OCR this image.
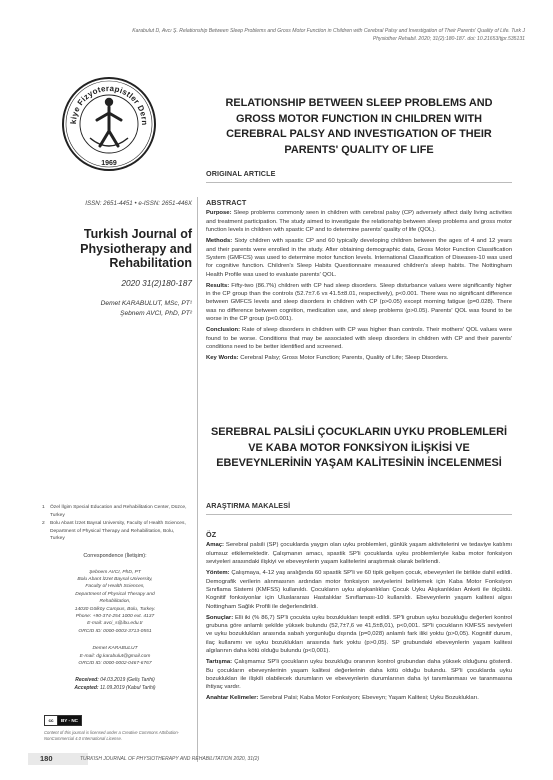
Karabulut D, Avcı Ş. Relationship Between Sleep Problems and Gross Motor Function in Children with Cerebral Palsy and Investigation of Their Parents' Quality of Life. Turk J
Physiother Rehabil. 2020; 31(2):180-187. doi: 10.21653/tjpr.535131
kiye Fizyoterapistler Dern
1969
ISSN: 2651-4451 • e-ISSN: 2651-446X
Turkish Journal of Physiotherapy and Rehabilitation
2020 31(2)180-187
Demet KARABULUT, MSc, PT¹
Şebnem AVCI, PhD, PT²
1 Özel İlgim Special Education and Rehabilitation Center, Düzce, Turkey
2 Bolu Abant İzzet Baysal University, Faculty of Health Sciences, Department of Physical Therapy and Rehabilitation, Bolu, Turkey
Correspondence (İletişim):
Şebnem AVCI, PhD, PT
Bolu Abant İzzet Baysal University,
Faculty of Health Sciences,
Department of Physical Therapy and
Rehabilitation,
14030 Gölköy Campus, Bolu, Turkey.
Phone: +90-374-254 1000 ext. 4137
E-mail: avci_s@ibu.edu.tr
ORCID ID: 0000-0003-3713-0551
Demet KARABULUT
E-mail: dg.karabulut@gmail.com
ORCID ID: 0000-0002-0467-6767
Received: 04.03.2019 (Geliş Tarihi)
Accepted: 11.09.2019 (Kabul Tarihi)
cc	BY - NC
Content of this journal is licensed under a Creative Commons Attribution-NonCommercial 4.0 International License.
RELATIONSHIP BETWEEN SLEEP PROBLEMS AND GROSS MOTOR FUNCTION IN CHILDREN WITH CEREBRAL PALSY AND INVESTIGATION OF THEIR PARENTS' QUALITY OF LIFE
ORIGINAL ARTICLE
ABSTRACT

Purpose: Sleep problems commonly seen in children with cerebral palsy (CP) adversely affect daily living activities and treatment participation. The study aimed to investigate the relationship between sleep problems and gross motor function levels in children with spastic CP and to determine parents' quality of life (QOL).

Methods: Sixty children with spastic CP and 60 typically developing children between the ages of 4 and 12 years and their parents were enrolled in the study. After obtaining demographic data, Gross Motor Function Classification System (GMFCS) was used to determine motor function levels. International Classification of Diseases-10 was used for cognitive function. Children's Sleep Habits Questionnaire measured children's sleep habits. The Nottingham Health Profile was used to evaluate parents' QOL.

Results: Fifty-two (86.7%) children with CP had sleep disorders. Sleep disturbance values were significantly higher in the CP group than the controls (52.7±7.6 vs 41.5±8.01, respectively), p<0.001. There was no significant difference between GMFCS levels and sleep disorders in children with CP (p>0.05) except morning fatigue (p=0.028). There was no difference between cognition, medication use, and sleep problems (p>0.05). Parents' QOL was found to be worse in the CP group (p<0.001).

Conclusion: Rate of sleep disorders in children with CP was higher than controls. Their mothers' QOL values were found to be worse. Conditions that may be associated with sleep disorders in children with CP and their parents' conditions need to be better identified and screened.

Key Words: Cerebral Palsy; Gross Motor Function; Parents, Quality of Life; Sleep Disorders.

SEREBRAL PALSİLİ ÇOCUKLARIN UYKU PROBLEMLERİ VE KABA MOTOR FONKSİYON İLİŞKİSİ VE EBEVEYNLERİNİN YAŞAM KALİTESİNİN İNCELENMESİ
ARAŞTIRMA MAKALESİ
ÖZ

Amaç: Serebral palsili (SP) çocuklarda yaygın olan uyku problemleri, günlük yaşam aktivitelerini ve tedaviye katılımı olumsuz etkilemektedir. Çalışmanın amacı, spastik SP'li çocuklarda uyku problemleriyle kaba motor fonksiyon seviyeleri arasındaki ilişkiyi ve ebeveynlerin yaşam kalitelerini araştırmak olarak belirlendi.

Yöntem: Çalışmaya, 4-12 yaş aralığında 60 spastik SP'li ve 60 tipik gelişen çocuk, ebeveynleri ile birlikte dahil edildi. Demografik verilerin alınmasının ardından motor fonksiyon seviyelerini belirlemek için Kaba Motor Fonksiyon Sınıflama Sistemi (KMFSS) kullanıldı. Çocukların uyku alışkanlıkları Çocuk Uyku Alışkanlıkları Anketi ile ölçüldü. Kognitif fonksiyonlar için Uluslararası Hastalıklar Sınıflaması-10 kullanıldı. Ebeveynlerin yaşam kalitesi algısı Nottingham Sağlık Profili ile değerlendirildi.

Sonuçlar: Elli iki (% 86,7) SP'li çocukta uyku bozuklukları tespit edildi. SP'li grubun uyku bozukluğu değerleri kontrol grubuna göre anlamlı şekilde yüksek bulundu (52,7±7,6 ve 41,5±8,01), p<0,001. SP'li çocukların KMFSS seviyeleri ve uyku bozuklukları arasında sabah yorgunluğu dışında (p=0,028) anlamlı fark iliki yoktu (p>0,05). Kognitif durum, ilaç kullanımı ve uyku bozuklukları arasında fark yoktu (p>0,05). SP grubundaki ebeveynlerin yaşam kalitesi algılarının daha kötü olduğu bulundu (p<0,001).

Tartışma: Çalışmamız SP'li çocukların uyku bozukluğu oranının kontrol grubundan daha yüksek olduğunu gösterdi. Bu çocukların ebeveynlerinin yaşam kalitesi değerlerinin daha kötü olduğu bulundu. SP'li çocuklarda uyku bozuklukları ile ilişkili olabilecek durumların ve ebeveynlerin durumlarının daha iyi tanımlanması ve taranmasına ihtiyaç vardır.

Anahtar Kelimeler: Serebral Palsi; Kaba Motor Fonksiyon; Ebeveyn; Yaşam Kalitesi; Uyku Bozuklukları.

180	TURKISH JOURNAL OF PHYSIOTHERAPY AND REHABILITATION 2020, 31(2)
